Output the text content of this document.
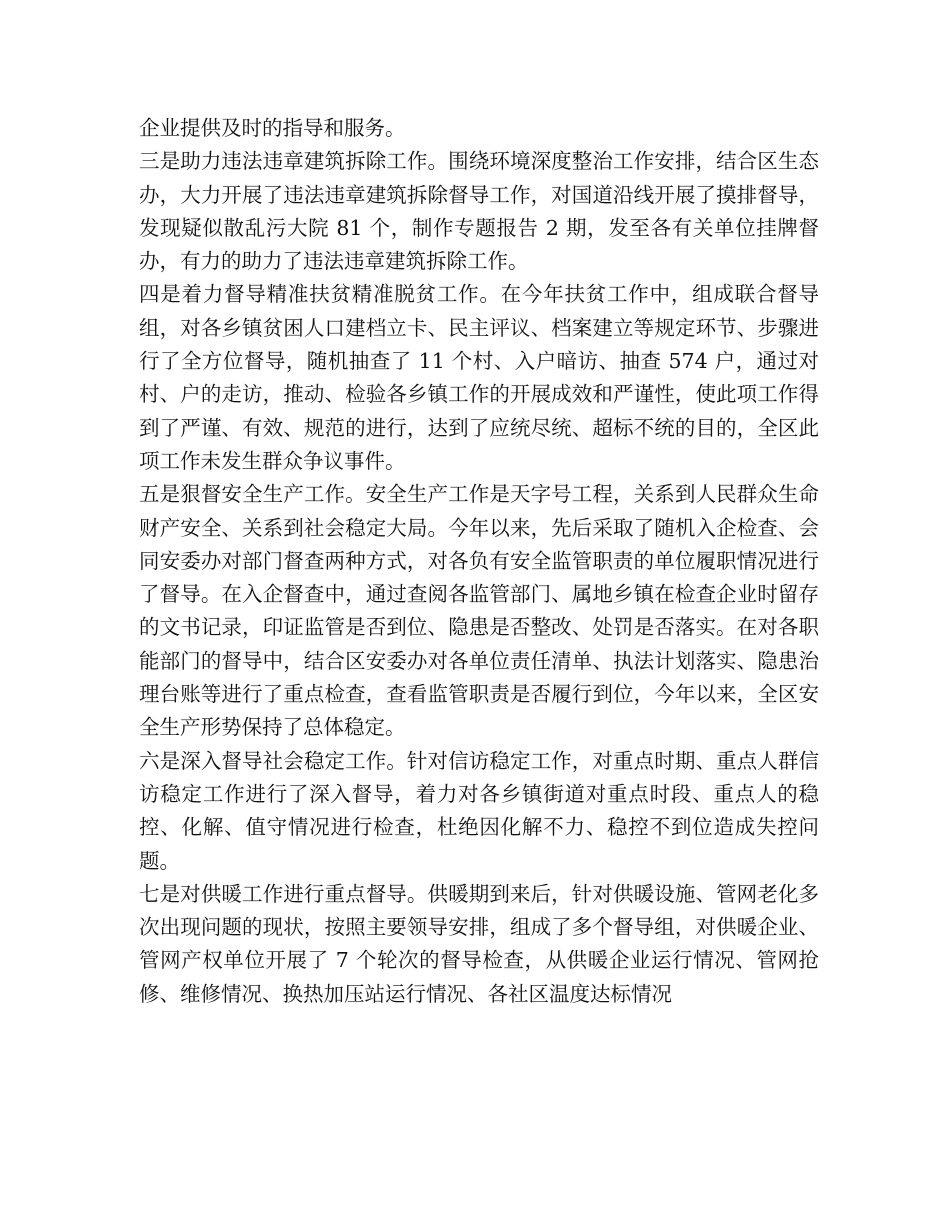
企业提供及时的指导和服务。

三是助力违法违章建筑拆除工作。围绕环境深度整治工作安排，结合区生态办，大力开展了违法违章建筑拆除督导工作，对国道沿线开展了摸排督导，发现疑似散乱污大院 81 个，制作专题报告 2 期，发至各有关单位挂牌督办，有力的助力了违法违章建筑拆除工作。

四是着力督导精准扶贫精准脱贫工作。在今年扶贫工作中，组成联合督导组，对各乡镇贫困人口建档立卡、民主评议、档案建立等规定环节、步骤进行了全方位督导，随机抽查了 11 个村、入户暗访、抽查 574 户，通过对村、户的走访，推动、检验各乡镇工作的开展成效和严谨性，使此项工作得到了严谨、有效、规范的进行，达到了应统尽统、超标不统的目的，全区此项工作未发生群众争议事件。

五是狠督安全生产工作。安全生产工作是天字号工程，关系到人民群众生命财产安全、关系到社会稳定大局。今年以来，先后采取了随机入企检查、会同安委办对部门督查两种方式，对各负有安全监管职责的单位履职情况进行了督导。在入企督查中，通过查阅各监管部门、属地乡镇在检查企业时留存的文书记录，印证监管是否到位、隐患是否整改、处罚是否落实。在对各职能部门的督导中，结合区安委办对各单位责任清单、执法计划落实、隐患治理台账等进行了重点检查，查看监管职责是否履行到位，今年以来，全区安全生产形势保持了总体稳定。

六是深入督导社会稳定工作。针对信访稳定工作，对重点时期、重点人群信访稳定工作进行了深入督导，着力对各乡镇街道对重点时段、重点人的稳控、化解、值守情况进行检查，杜绝因化解不力、稳控不到位造成失控问题。

七是对供暖工作进行重点督导。供暖期到来后，针对供暖设施、管网老化多次出现问题的现状，按照主要领导安排，组成了多个督导组，对供暖企业、管网产权单位开展了 7 个轮次的督导检查，从供暖企业运行情况、管网抢修、维修情况、换热加压站运行情况、各社区温度达标情况
